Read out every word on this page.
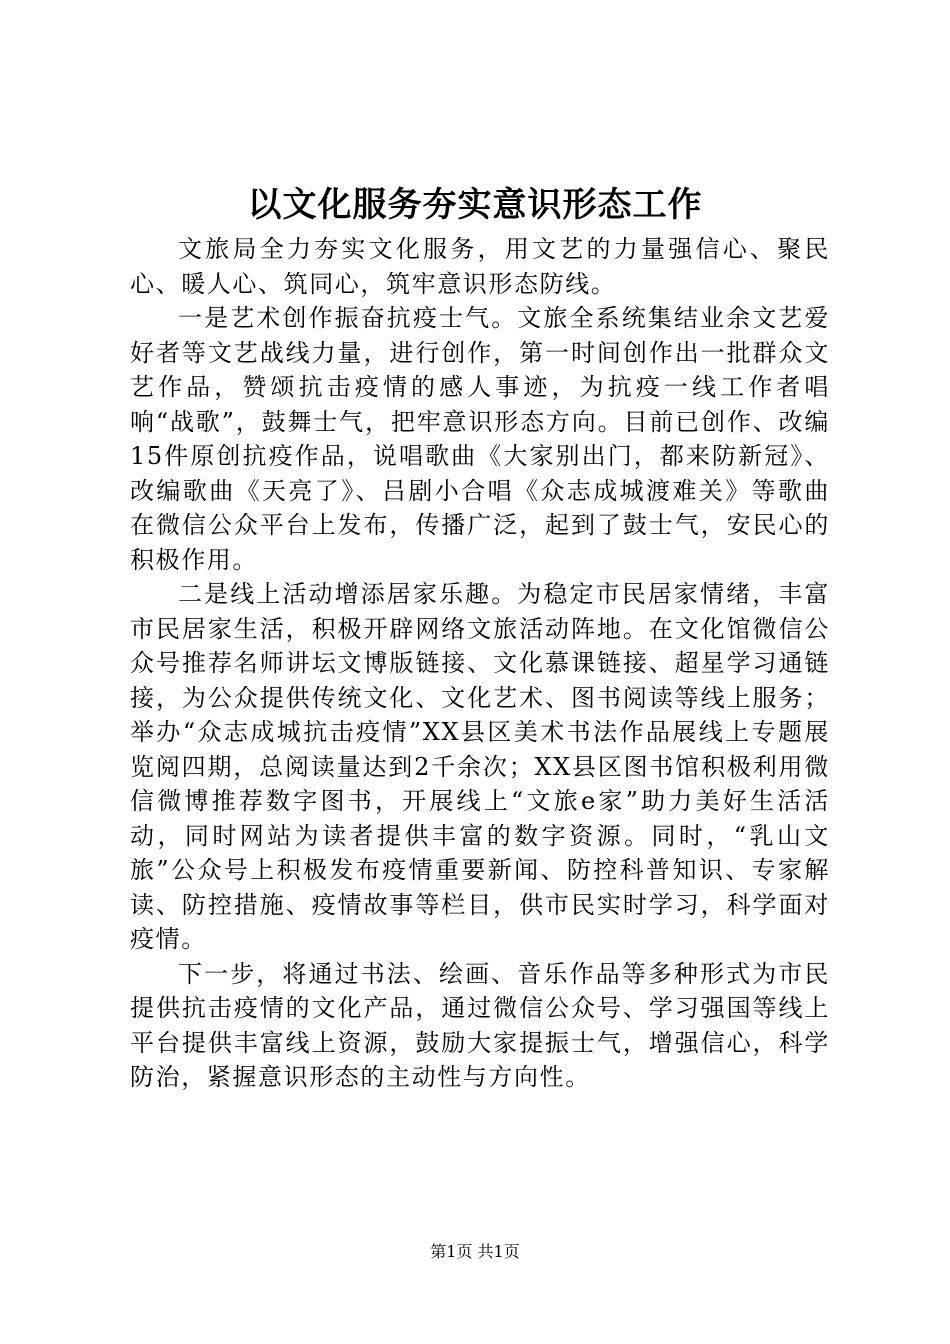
以文化服务夯实意识形态工作

文旅局全力夯实文化服务，用文艺的力量强信心、聚民心、暖人心、筑同心，筑牢意识形态防线。

一是艺术创作振奋抗疫士气。文旅全系统集结业余文艺爱好者等文艺战线力量，进行创作，第一时间创作出一批群众文艺作品，赞颂抗击疫情的感人事迹，为抗疫一线工作者唱响“战歌”，鼓舞士气，把牢意识形态方向。目前已创作、改编15件原创抗疫作品，说唱歌曲《大家别出门，都来防新冠》、改编歌曲《天亮了》、吕剧小合唱《众志成城渡难关》等歌曲在微信公众平台上发布，传播广泛，起到了鼓士气，安民心的积极作用。

二是线上活动增添居家乐趣。为稳定市民居家情绪，丰富市民居家生活，积极开辟网络文旅活动阵地。在文化馆微信公众号推荐名师讲坛文博版链接、文化慕课链接、超星学习通链接，为公众提供传统文化、文化艺术、图书阅读等线上服务；举办“众志成城抗击疫情”XX县区美术书法作品展线上专题展览阅四期，总阅读量达到2千余次；XX县区图书馆积极利用微信微博推荐数字图书，开展线上“文旅e家”助力美好生活活动，同时网站为读者提供丰富的数字资源。同时，“乳山文旅”公众号上积极发布疫情重要新闻、防控科普知识、专家解读、防控措施、疫情故事等栏目，供市民实时学习，科学面对疫情。

下一步，将通过书法、绘画、音乐作品等多种形式为市民提供抗击疫情的文化产品，通过微信公众号、学习强国等线上平台提供丰富线上资源，鼓励大家提振士气，增强信心，科学防治，紧握意识形态的主动性与方向性。

第1页 共1页
